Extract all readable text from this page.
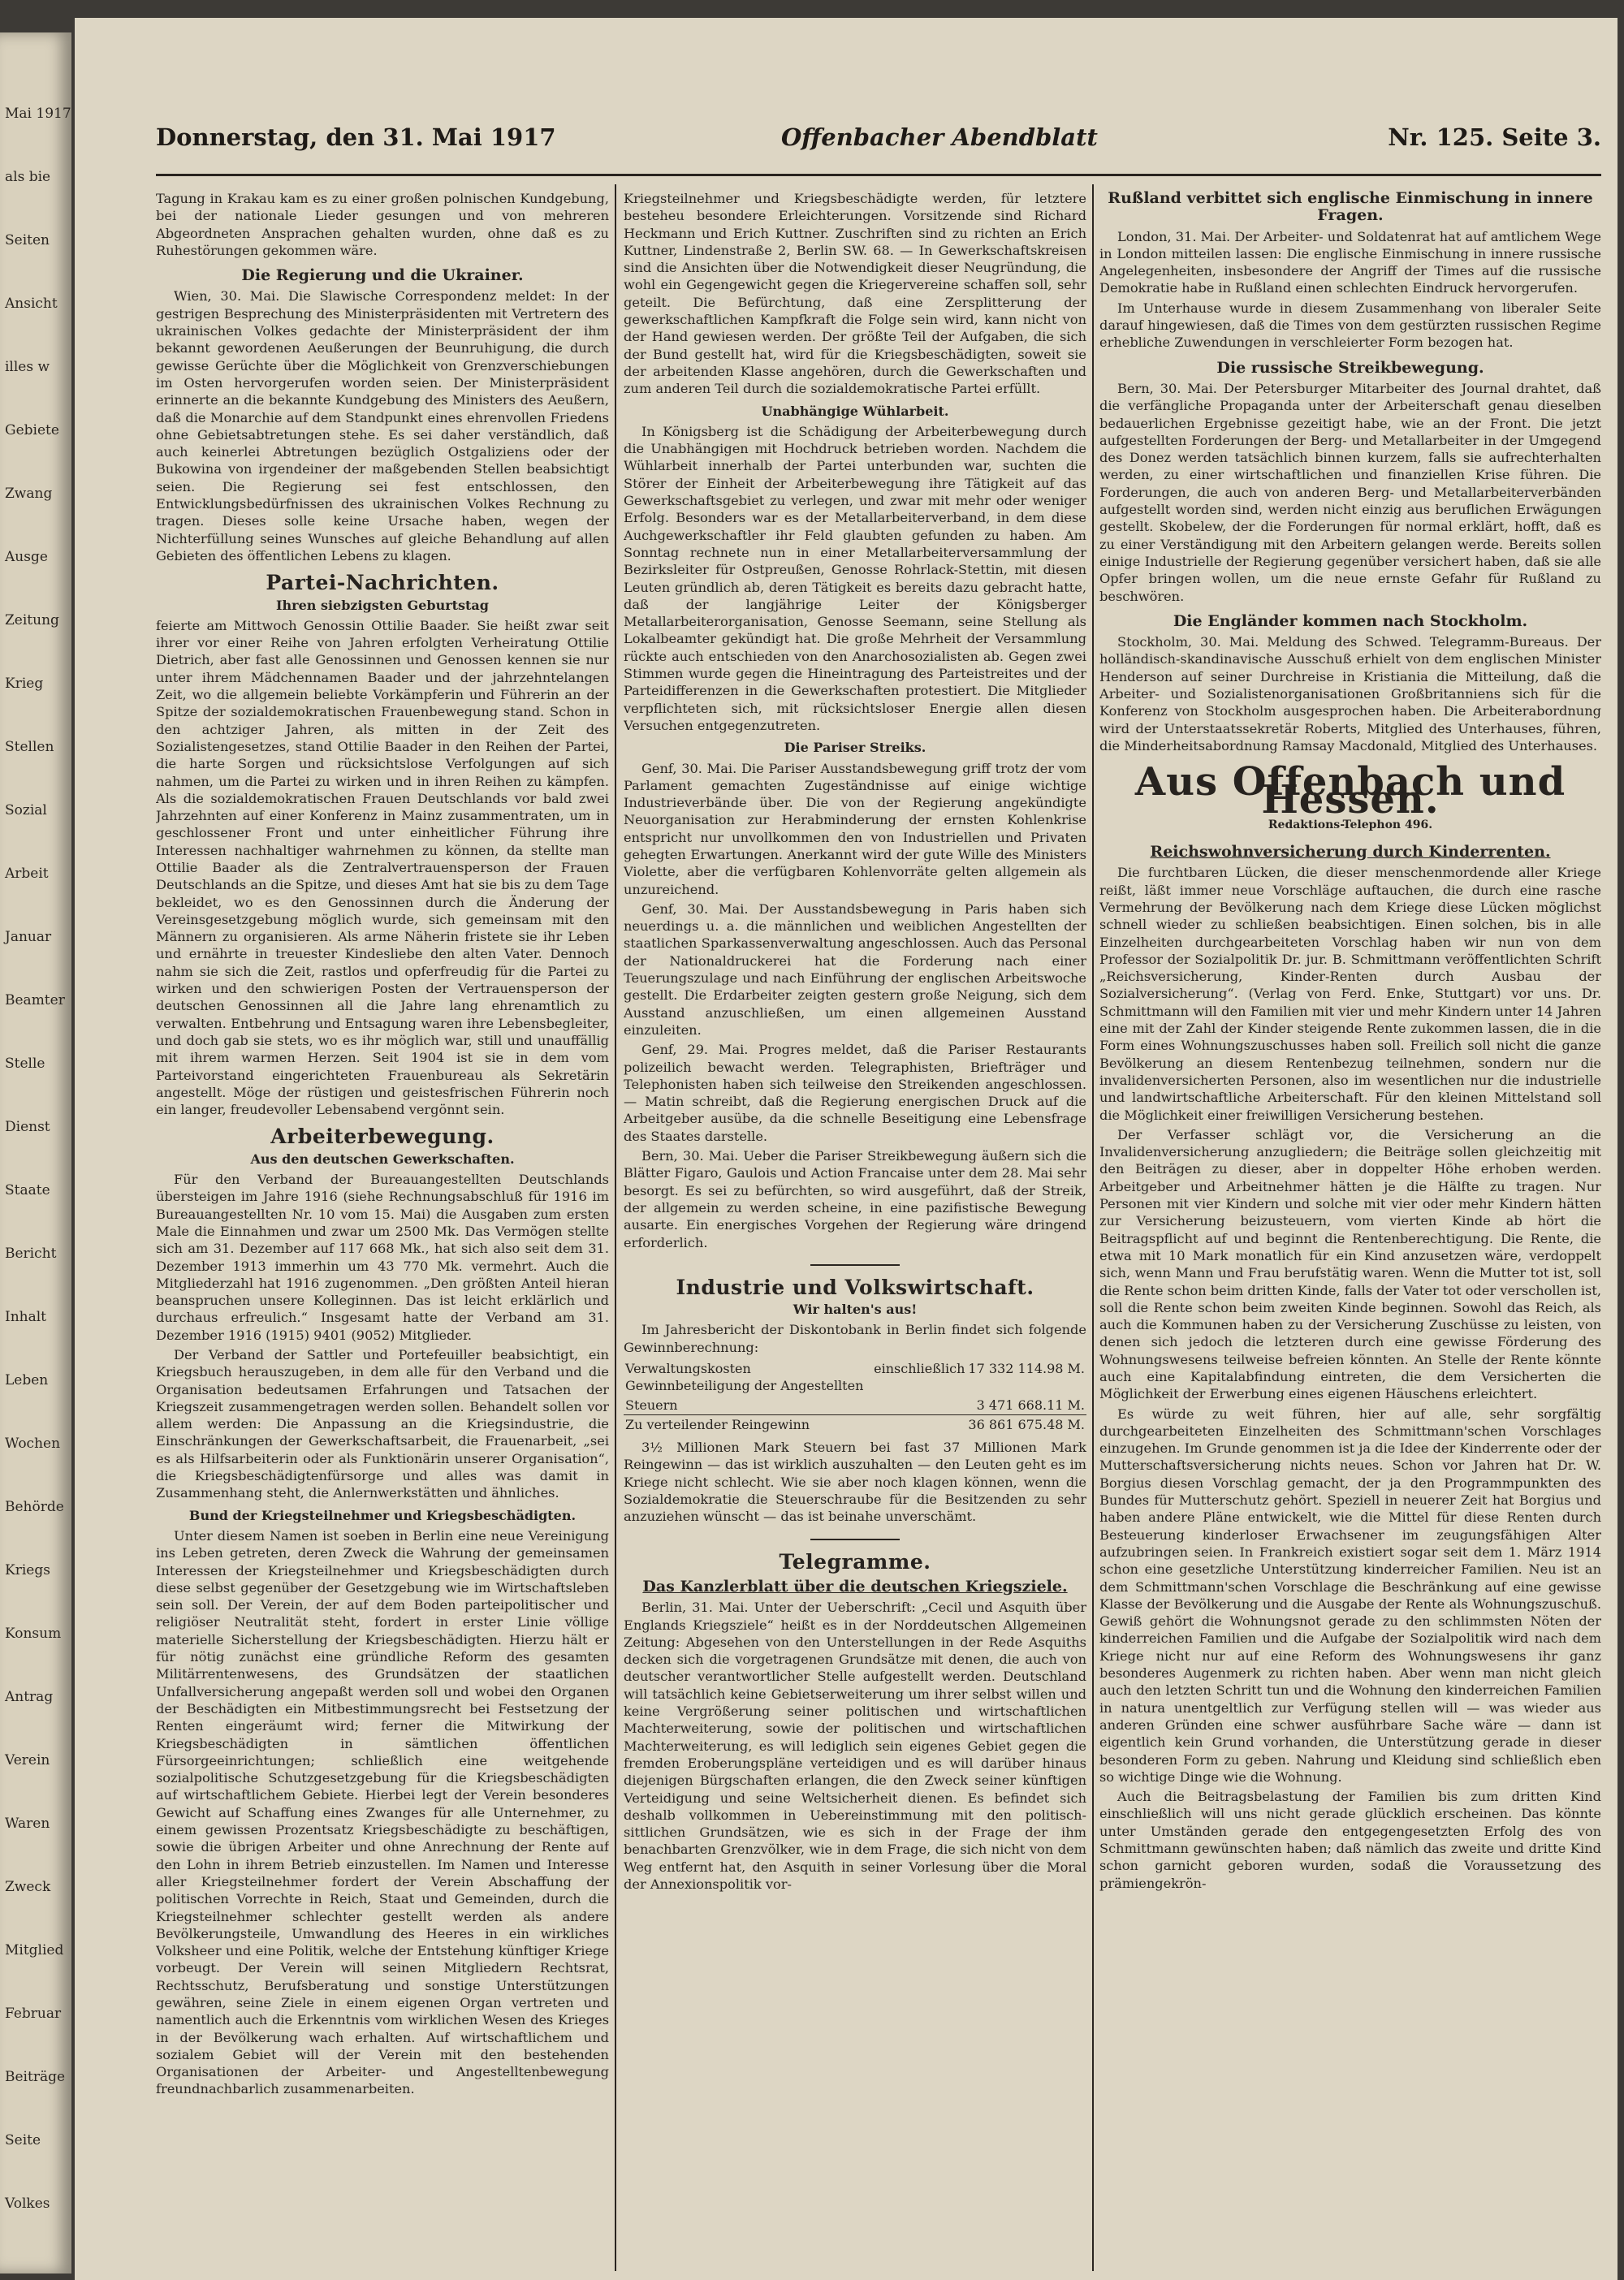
Mai 1917
als bie
Seiten
Ansicht
illes w
Gebiete
Zwang
Ausge
Zeitung
Krieg
Stellen
Sozial
Arbeit
Januar
Beamter
Stelle
Dienst
Staate
Bericht
Inhalt
Leben
Wochen
Behörde
Kriegs
Konsum
Antrag
Verein
Waren
Zweck
Mitglied
Februar
Beiträge
Seite
Volkes
Donnerstag, den 31. Mai 1917	Offenbacher Abendblatt	Nr. 125. Seite 3.

Tagung in Krakau kam es zu einer großen polnischen Kundgebung, bei der nationale Lieder gesungen und von mehreren Abgeordneten Ansprachen gehalten wurden, ohne daß es zu Ruhestörungen gekommen wäre.

Die Regierung und die Ukrainer.

Wien, 30. Mai. Die Slawische Correspondenz meldet: In der gestrigen Besprechung des Ministerpräsidenten mit Vertretern des ukrainischen Volkes gedachte der Ministerpräsident der ihm bekannt gewordenen Aeußerungen der Beunruhigung, die durch gewisse Gerüchte über die Möglichkeit von Grenzverschiebungen im Osten hervorgerufen worden seien. Der Ministerpräsident erinnerte an die bekannte Kundgebung des Ministers des Aeußern, daß die Monarchie auf dem Standpunkt eines ehrenvollen Friedens ohne Gebietsabtretungen stehe. Es sei daher verständlich, daß auch keinerlei Abtretungen bezüglich Ostgaliziens oder der Bukowina von irgendeiner der maßgebenden Stellen beabsichtigt seien. Die Regierung sei fest entschlossen, den Entwicklungsbedürfnissen des ukrainischen Volkes Rechnung zu tragen. Dieses solle keine Ursache haben, wegen der Nichterfüllung seines Wunsches auf gleiche Behandlung auf allen Gebieten des öffentlichen Lebens zu klagen.

Partei-Nachrichten.
Ihren siebzigsten Geburtstag

feierte am Mittwoch Genossin Ottilie Baader. Sie heißt zwar seit ihrer vor einer Reihe von Jahren erfolgten Verheiratung Ottilie Dietrich, aber fast alle Genossinnen und Genossen kennen sie nur unter ihrem Mädchennamen Baader und der jahrzehntelangen Zeit, wo die allgemein beliebte Vorkämpferin und Führerin an der Spitze der sozialdemokratischen Frauenbewegung stand. Schon in den achtziger Jahren, als mitten in der Zeit des Sozialistengesetzes, stand Ottilie Baader in den Reihen der Partei, die harte Sorgen und rücksichtslose Verfolgungen auf sich nahmen, um die Partei zu wirken und in ihren Reihen zu kämpfen. Als die sozialdemokratischen Frauen Deutschlands vor bald zwei Jahrzehnten auf einer Konferenz in Mainz zusammentraten, um in geschlossener Front und unter einheitlicher Führung ihre Interessen nachhaltiger wahrnehmen zu können, da stellte man Ottilie Baader als die Zentralvertrauensperson der Frauen Deutschlands an die Spitze, und dieses Amt hat sie bis zu dem Tage bekleidet, wo es den Genossinnen durch die Änderung der Vereinsgesetzgebung möglich wurde, sich gemeinsam mit den Männern zu organisieren. Als arme Näherin fristete sie ihr Leben und ernährte in treuester Kindesliebe den alten Vater. Dennoch nahm sie sich die Zeit, rastlos und opferfreudig für die Partei zu wirken und den schwierigen Posten der Vertrauensperson der deutschen Genossinnen all die Jahre lang ehrenamtlich zu verwalten. Entbehrung und Entsagung waren ihre Lebensbegleiter, und doch gab sie stets, wo es ihr möglich war, still und unauffällig mit ihrem warmen Herzen. Seit 1904 ist sie in dem vom Parteivorstand eingerichteten Frauenbureau als Sekretärin angestellt. Möge der rüstigen und geistesfrischen Führerin noch ein langer, freudevoller Lebensabend vergönnt sein.

Arbeiterbewegung.
Aus den deutschen Gewerkschaften.

Für den Verband der Bureauangestellten Deutschlands übersteigen im Jahre 1916 (siehe Rechnungsabschluß für 1916 im Bureauangestellten Nr. 10 vom 15. Mai) die Ausgaben zum ersten Male die Einnahmen und zwar um 2500 Mk. Das Vermögen stellte sich am 31. Dezember auf 117 668 Mk., hat sich also seit dem 31. Dezember 1913 immerhin um 43 770 Mk. vermehrt. Auch die Mitgliederzahl hat 1916 zugenommen. „Den größten Anteil hieran beanspruchen unsere Kolleginnen. Das ist leicht erklärlich und durchaus erfreulich.“ Insgesamt hatte der Verband am 31. Dezember 1916 (1915) 9401 (9052) Mitglieder.

Der Verband der Sattler und Portefeuiller beabsichtigt, ein Kriegsbuch herauszugeben, in dem alle für den Verband und die Organisation bedeutsamen Erfahrungen und Tatsachen der Kriegszeit zusammengetragen werden sollen. Behandelt sollen vor allem werden: Die Anpassung an die Kriegsindustrie, die Einschränkungen der Gewerkschaftsarbeit, die Frauenarbeit, „sei es als Hilfsarbeiterin oder als Funktionärin unserer Organisation“, die Kriegsbeschädigtenfürsorge und alles was damit in Zusammenhang steht, die Anlernwerkstätten und ähnliches.

Bund der Kriegsteilnehmer und Kriegsbeschädigten.

Unter diesem Namen ist soeben in Berlin eine neue Vereinigung ins Leben getreten, deren Zweck die Wahrung der gemeinsamen Interessen der Kriegsteilnehmer und Kriegsbeschädigten durch diese selbst gegenüber der Gesetzgebung wie im Wirtschaftsleben sein soll. Der Verein, der auf dem Boden parteipolitischer und religiöser Neutralität steht, fordert in erster Linie völlige materielle Sicherstellung der Kriegsbeschädigten. Hierzu hält er für nötig zunächst eine gründliche Reform des gesamten Militärrentenwesens, des Grundsätzen der staatlichen Unfallversicherung angepaßt werden soll und wobei den Organen der Beschädigten ein Mitbestimmungsrecht bei Festsetzung der Renten eingeräumt wird; ferner die Mitwirkung der Kriegsbeschädigten in sämtlichen öffentlichen Fürsorgeeinrichtungen; schließlich eine weitgehende sozialpolitische Schutzgesetzgebung für die Kriegsbeschädigten auf wirtschaftlichem Gebiete. Hierbei legt der Verein besonderes Gewicht auf Schaffung eines Zwanges für alle Unternehmer, zu einem gewissen Prozentsatz Kriegsbeschädigte zu beschäftigen, sowie die übrigen Arbeiter und ohne Anrechnung der Rente auf den Lohn in ihrem Betrieb einzustellen. Im Namen und Interesse aller Kriegsteilnehmer fordert der Verein Abschaffung der politischen Vorrechte in Reich, Staat und Gemeinden, durch die Kriegsteilnehmer schlechter gestellt werden als andere Bevölkerungsteile, Umwandlung des Heeres in ein wirkliches Volksheer und eine Politik, welche der Entstehung künftiger Kriege vorbeugt. Der Verein will seinen Mitgliedern Rechtsrat, Rechtsschutz, Berufsberatung und sonstige Unterstützungen gewähren, seine Ziele in einem eigenen Organ vertreten und namentlich auch die Erkenntnis vom wirklichen Wesen des Krieges in der Bevölkerung wach erhalten. Auf wirtschaftlichem und sozialem Gebiet will der Verein mit den bestehenden Organisationen der Arbeiter- und Angestelltenbewegung freundnachbarlich zusammenarbeiten.

Kriegsteilnehmer und Kriegsbeschädigte werden, für letztere besteheu besondere Erleichterungen. Vorsitzende sind Richard Heckmann und Erich Kuttner. Zuschriften sind zu richten an Erich Kuttner, Lindenstraße 2, Berlin SW. 68. — In Gewerkschaftskreisen sind die Ansichten über die Notwendigkeit dieser Neugründung, die wohl ein Gegengewicht gegen die Kriegervereine schaffen soll, sehr geteilt. Die Befürchtung, daß eine Zersplitterung der gewerkschaftlichen Kampfkraft die Folge sein wird, kann nicht von der Hand gewiesen werden. Der größte Teil der Aufgaben, die sich der Bund gestellt hat, wird für die Kriegsbeschädigten, soweit sie der arbeitenden Klasse angehören, durch die Gewerkschaften und zum anderen Teil durch die sozialdemokratische Partei erfüllt.

Unabhängige Wühlarbeit.

In Königsberg ist die Schädigung der Arbeiterbewegung durch die Unabhängigen mit Hochdruck betrieben worden. Nachdem die Wühlarbeit innerhalb der Partei unterbunden war, suchten die Störer der Einheit der Arbeiterbewegung ihre Tätigkeit auf das Gewerkschaftsgebiet zu verlegen, und zwar mit mehr oder weniger Erfolg. Besonders war es der Metallarbeiterverband, in dem diese Auchgewerkschaftler ihr Feld glaubten gefunden zu haben. Am Sonntag rechnete nun in einer Metallarbeiterversammlung der Bezirksleiter für Ostpreußen, Genosse Rohrlack-Stettin, mit diesen Leuten gründlich ab, deren Tätigkeit es bereits dazu gebracht hatte, daß der langjährige Leiter der Königsberger Metallarbeiterorganisation, Genosse Seemann, seine Stellung als Lokalbeamter gekündigt hat. Die große Mehrheit der Versammlung rückte auch entschieden von den Anarchosozialisten ab. Gegen zwei Stimmen wurde gegen die Hineintragung des Parteistreites und der Parteidifferenzen in die Gewerkschaften protestiert. Die Mitglieder verpflichteten sich, mit rücksichtsloser Energie allen diesen Versuchen entgegenzutreten.

Die Pariser Streiks.

Genf, 30. Mai. Die Pariser Ausstandsbewegung griff trotz der vom Parlament gemachten Zugeständnisse auf einige wichtige Industrieverbände über. Die von der Regierung angekündigte Neuorganisation zur Herabminderung der ernsten Kohlenkrise entspricht nur unvollkommen den von Industriellen und Privaten gehegten Erwartungen. Anerkannt wird der gute Wille des Ministers Violette, aber die verfügbaren Kohlenvorräte gelten allgemein als unzureichend.

Genf, 30. Mai. Der Ausstandsbewegung in Paris haben sich neuerdings u. a. die männlichen und weiblichen Angestellten der staatlichen Sparkassenverwaltung angeschlossen. Auch das Personal der Nationaldruckerei hat die Forderung nach einer Teuerungszulage und nach Einführung der englischen Arbeitswoche gestellt. Die Erdarbeiter zeigten gestern große Neigung, sich dem Ausstand anzuschließen, um einen allgemeinen Ausstand einzuleiten.

Genf, 29. Mai. Progres meldet, daß die Pariser Restaurants polizeilich bewacht werden. Telegraphisten, Briefträger und Telephonisten haben sich teilweise den Streikenden angeschlossen. — Matin schreibt, daß die Regierung energischen Druck auf die Arbeitgeber ausübe, da die schnelle Beseitigung eine Lebensfrage des Staates darstelle.

Bern, 30. Mai. Ueber die Pariser Streikbewegung äußern sich die Blätter Figaro, Gaulois und Action Francaise unter dem 28. Mai sehr besorgt. Es sei zu befürchten, so wird ausgeführt, daß der Streik, der allgemein zu werden scheine, in eine pazifistische Bewegung ausarte. Ein energisches Vorgehen der Regierung wäre dringend erforderlich.

Industrie und Volkswirtschaft.
Wir halten's aus!

Im Jahresbericht der Diskontobank in Berlin findet sich folgende Gewinnberechnung:

Verwaltungskosten einschließlich Gewinnbeteiligung der Angestellten	17 332 114.98 M.
Steuern	3 471 668.11 M.
Zu verteilender Reingewinn	36 861 675.48 M.

3½ Millionen Mark Steuern bei fast 37 Millionen Mark Reingewinn — das ist wirklich auszuhalten — den Leuten geht es im Kriege nicht schlecht. Wie sie aber noch klagen können, wenn die Sozialdemokratie die Steuerschraube für die Besitzenden zu sehr anzuziehen wünscht — das ist beinahe unverschämt.

Telegramme.
Das Kanzlerblatt über die deutschen Kriegsziele.

Berlin, 31. Mai. Unter der Ueberschrift: „Cecil und Asquith über Englands Kriegsziele“ heißt es in der Norddeutschen Allgemeinen Zeitung: Abgesehen von den Unterstellungen in der Rede Asquiths decken sich die vorgetragenen Grundsätze mit denen, die auch von deutscher verantwortlicher Stelle aufgestellt werden. Deutschland will tatsächlich keine Gebietserweiterung um ihrer selbst willen und keine Vergrößerung seiner politischen und wirtschaftlichen Machterweiterung, sowie der politischen und wirtschaftlichen Machterweiterung, es will lediglich sein eigenes Gebiet gegen die fremden Eroberungspläne verteidigen und es will darüber hinaus diejenigen Bürgschaften erlangen, die den Zweck seiner künftigen Verteidigung und seine Weltsicherheit dienen. Es befindet sich deshalb vollkommen in Uebereinstimmung mit den politisch-sittlichen Grundsätzen, wie es sich in der Frage der ihm benachbarten Grenzvölker, wie in dem Frage, die sich nicht von dem Weg entfernt hat, den Asquith in seiner Vorlesung über die Moral der Annexionspolitik vor-

Rußland verbittet sich englische Einmischung in innere Fragen.

London, 31. Mai. Der Arbeiter- und Soldatenrat hat auf amtlichem Wege in London mitteilen lassen: Die englische Einmischung in innere russische Angelegenheiten, insbesondere der Angriff der Times auf die russische Demokratie habe in Rußland einen schlechten Eindruck hervorgerufen.

Im Unterhause wurde in diesem Zusammenhang von liberaler Seite darauf hingewiesen, daß die Times von dem gestürzten russischen Regime erhebliche Zuwendungen in verschleierter Form bezogen hat.

Die russische Streikbewegung.

Bern, 30. Mai. Der Petersburger Mitarbeiter des Journal drahtet, daß die verfängliche Propaganda unter der Arbeiterschaft genau dieselben bedauerlichen Ergebnisse gezeitigt habe, wie an der Front. Die jetzt aufgestellten Forderungen der Berg- und Metallarbeiter in der Umgegend des Donez werden tatsächlich binnen kurzem, falls sie aufrechterhalten werden, zu einer wirtschaftlichen und finanziellen Krise führen. Die Forderungen, die auch von anderen Berg- und Metallarbeiterverbänden aufgestellt worden sind, werden nicht einzig aus beruflichen Erwägungen gestellt. Skobelew, der die Forderungen für normal erklärt, hofft, daß es zu einer Verständigung mit den Arbeitern gelangen werde. Bereits sollen einige Industrielle der Regierung gegenüber versichert haben, daß sie alle Opfer bringen wollen, um die neue ernste Gefahr für Rußland zu beschwören.

Die Engländer kommen nach Stockholm.

Stockholm, 30. Mai. Meldung des Schwed. Telegramm-Bureaus. Der holländisch-skandinavische Ausschuß erhielt von dem englischen Minister Henderson auf seiner Durchreise in Kristiania die Mitteilung, daß die Arbeiter- und Sozialistenorganisationen Großbritanniens sich für die Konferenz von Stockholm ausgesprochen haben. Die Arbeiterabordnung wird der Unterstaatssekretär Roberts, Mitglied des Unterhauses, führen, die Minderheitsabordnung Ramsay Macdonald, Mitglied des Unterhauses.

Aus Offenbach und Hessen.
Redaktions-Telephon 496.
Reichswohnversicherung durch Kinderrenten.

Die furchtbaren Lücken, die dieser menschenmordende aller Kriege reißt, läßt immer neue Vorschläge auftauchen, die durch eine rasche Vermehrung der Bevölkerung nach dem Kriege diese Lücken möglichst schnell wieder zu schließen beabsichtigen. Einen solchen, bis in alle Einzelheiten durchgearbeiteten Vorschlag haben wir nun von dem Professor der Sozialpolitik Dr. jur. B. Schmittmann veröffentlichten Schrift „Reichsversicherung, Kinder-Renten durch Ausbau der Sozialversicherung“. (Verlag von Ferd. Enke, Stuttgart) vor uns. Dr. Schmittmann will den Familien mit vier und mehr Kindern unter 14 Jahren eine mit der Zahl der Kinder steigende Rente zukommen lassen, die in die Form eines Wohnungszuschusses haben soll. Freilich soll nicht die ganze Bevölkerung an diesem Rentenbezug teilnehmen, sondern nur die invalidenversicherten Personen, also im wesentlichen nur die industrielle und landwirtschaftliche Arbeiterschaft. Für den kleinen Mittelstand soll die Möglichkeit einer freiwilligen Versicherung bestehen.

Der Verfasser schlägt vor, die Versicherung an die Invalidenversicherung anzugliedern; die Beiträge sollen gleichzeitig mit den Beiträgen zu dieser, aber in doppelter Höhe erhoben werden. Arbeitgeber und Arbeitnehmer hätten je die Hälfte zu tragen. Nur Personen mit vier Kindern und solche mit vier oder mehr Kindern hätten zur Versicherung beizusteuern, vom vierten Kinde ab hört die Beitragspflicht auf und beginnt die Rentenberechtigung. Die Rente, die etwa mit 10 Mark monatlich für ein Kind anzusetzen wäre, verdoppelt sich, wenn Mann und Frau berufstätig waren. Wenn die Mutter tot ist, soll die Rente schon beim dritten Kinde, falls der Vater tot oder verschollen ist, soll die Rente schon beim zweiten Kinde beginnen. Sowohl das Reich, als auch die Kommunen haben zu der Versicherung Zuschüsse zu leisten, von denen sich jedoch die letzteren durch eine gewisse Förderung des Wohnungswesens teilweise befreien könnten. An Stelle der Rente könnte auch eine Kapitalabfindung eintreten, die dem Versicherten die Möglichkeit der Erwerbung eines eigenen Häuschens erleichtert.

Es würde zu weit führen, hier auf alle, sehr sorgfältig durchgearbeiteten Einzelheiten des Schmittmann'schen Vorschlages einzugehen. Im Grunde genommen ist ja die Idee der Kinderrente oder der Mutterschaftsversicherung nichts neues. Schon vor Jahren hat Dr. W. Borgius diesen Vorschlag gemacht, der ja den Programmpunkten des Bundes für Mutterschutz gehört. Speziell in neuerer Zeit hat Borgius und haben andere Pläne entwickelt, wie die Mittel für diese Renten durch Besteuerung kinderloser Erwachsener im zeugungsfähigen Alter aufzubringen seien. In Frankreich existiert sogar seit dem 1. März 1914 schon eine gesetzliche Unterstützung kinderreicher Familien. Neu ist an dem Schmittmann'schen Vorschlage die Beschränkung auf eine gewisse Klasse der Bevölkerung und die Ausgabe der Rente als Wohnungszuschuß. Gewiß gehört die Wohnungsnot gerade zu den schlimmsten Nöten der kinderreichen Familien und die Aufgabe der Sozialpolitik wird nach dem Kriege nicht nur auf eine Reform des Wohnungswesens ihr ganz besonderes Augenmerk zu richten haben. Aber wenn man nicht gleich auch den letzten Schritt tun und die Wohnung den kinderreichen Familien in natura unentgeltlich zur Verfügung stellen will — was wieder aus anderen Gründen eine schwer ausführbare Sache wäre — dann ist eigentlich kein Grund vorhanden, die Unterstützung gerade in dieser besonderen Form zu geben. Nahrung und Kleidung sind schließlich eben so wichtige Dinge wie die Wohnung.

Auch die Beitragsbelastung der Familien bis zum dritten Kind einschließlich will uns nicht gerade glücklich erscheinen. Das könnte unter Umständen gerade den entgegengesetzten Erfolg des von Schmittmann gewünschten haben; daß nämlich das zweite und dritte Kind schon garnicht geboren wurden, sodaß die Voraussetzung des prämiengekrön-
